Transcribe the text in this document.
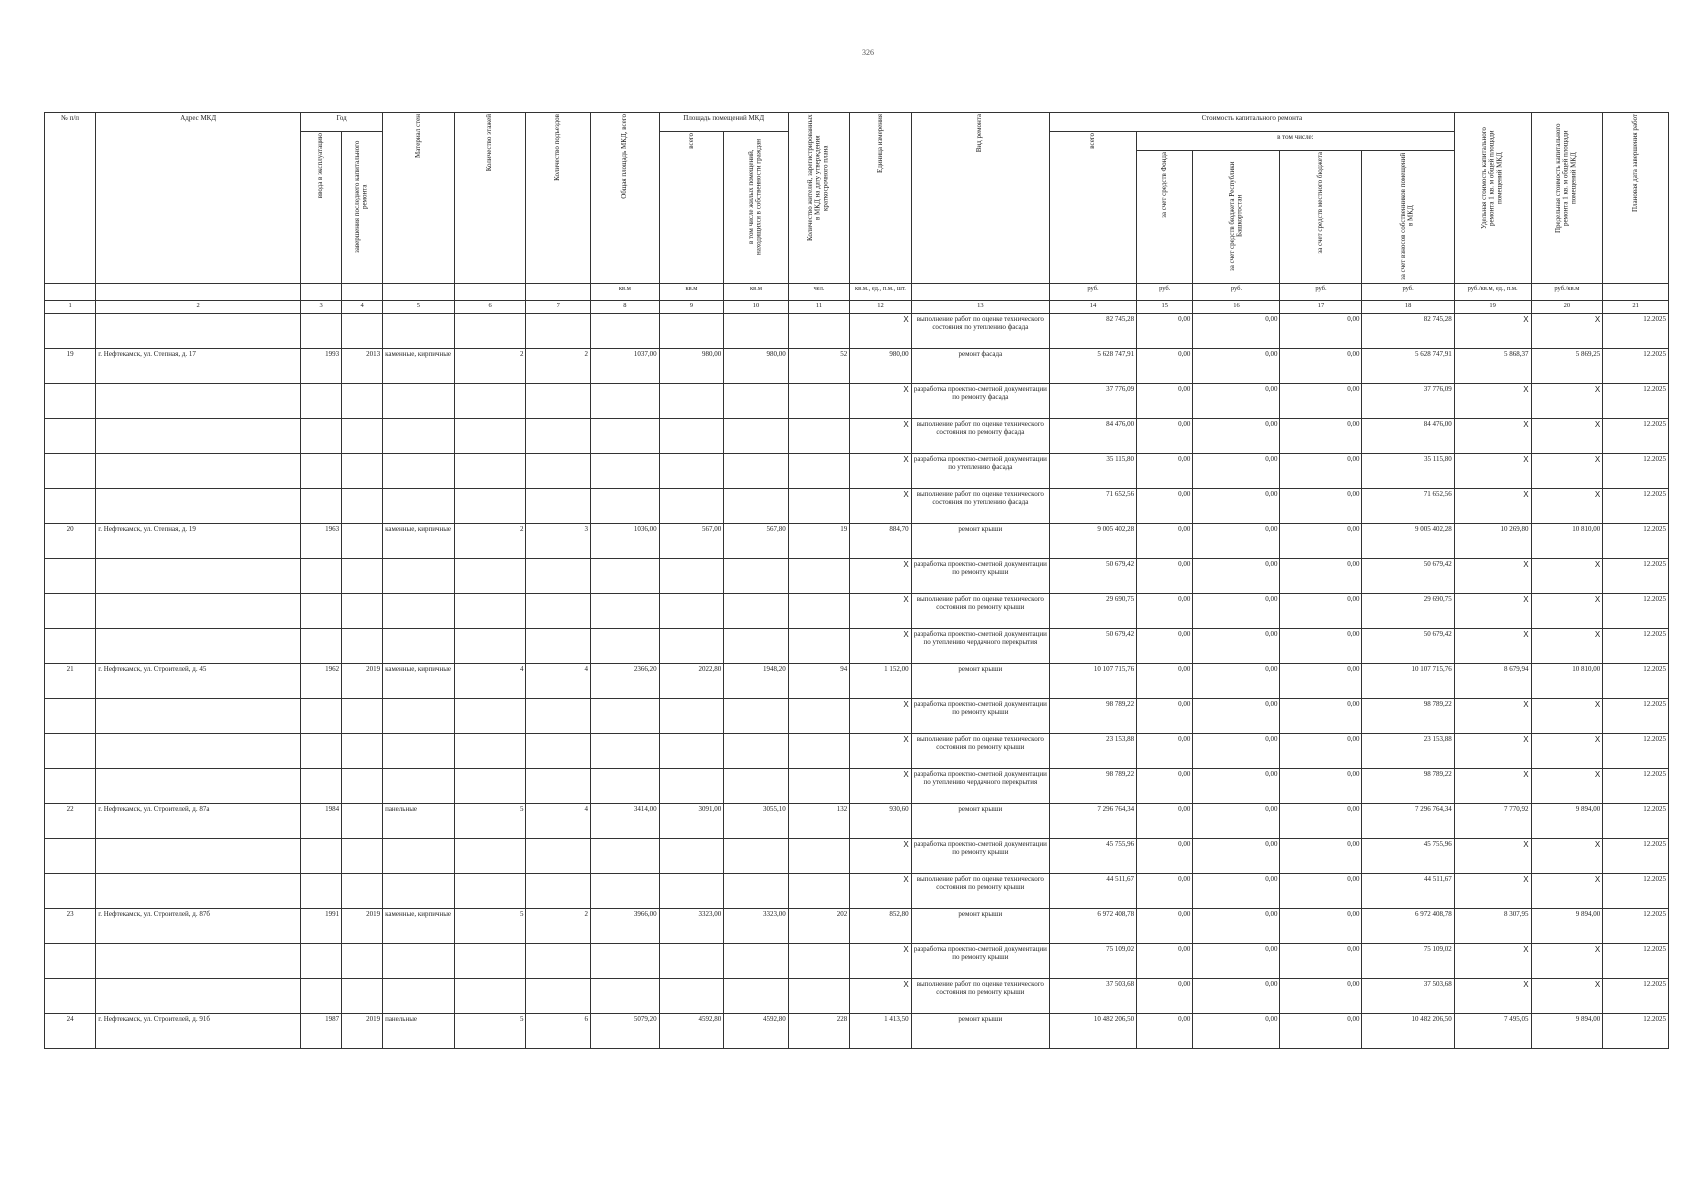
326
№ п/п	Адрес МКД	Год		Материал стен	Количество этажей	Количество подъездов	Общая площадь МКД, всего	Площадь помещений МКД		Количество жителей, зарегистрированных в МКД на дату утверждения краткосрочного плана	Единица измерения	Вид ремонта	Стоимость капитального ремонта					Удельная стоимость капитального ремонта 1 кв. м общей площади помещений МКД	Предельная стоимость капитального ремонта 1 кв. м общей площади помещений МКД	Плановая дата завершения работ
		ввода в эксплуатацию	завершения последнего капитального ремонта					всего	в том числе жилых помещений, находящихся в собственности граждан				всего	в том числе:						
														за счет средств Фонда	за счет средств бюджета Республики Башкортостан	за счет средств местного бюджета	за счет взносов собственников помещений в МКД			
							кв.м	кв.м	кв.м	чел.	кв.м., ед., п.м., шт.		руб.	руб.	руб.	руб.	руб.	руб./кв.м, ед., п.м.	руб./кв.м	
1	2	3	4	5	6	7	8	9	10	11	12	13	14	15	16	17	18	19	20	21
											X	выполнение работ по оценке технического состояния по утеплению фасада	82 745,28	0,00	0,00	0,00	82 745,28	X	X	12.2025
19	г. Нефтекамск, ул. Степная, д. 17	1993	2013	каменные, кирпичные	2	2	1037,00	980,00	980,00	52	980,00	ремонт фасада	5 628 747,91	0,00	0,00	0,00	5 628 747,91	5 868,37	5 869,25	12.2025
											X	разработка проектно-сметной документации по ремонту фасада	37 776,09	0,00	0,00	0,00	37 776,09	X	X	12.2025
											X	выполнение работ по оценке технического состояния по ремонту фасада	84 476,00	0,00	0,00	0,00	84 476,00	X	X	12.2025
											X	разработка проектно-сметной документации по утеплению фасада	35 115,80	0,00	0,00	0,00	35 115,80	X	X	12.2025
											X	выполнение работ по оценке технического состояния по утеплению фасада	71 652,56	0,00	0,00	0,00	71 652,56	X	X	12.2025
20	г. Нефтекамск, ул. Степная, д. 19	1963		каменные, кирпичные	2	3	1036,00	567,00	567,80	19	884,70	ремонт крыши	9 005 402,28	0,00	0,00	0,00	9 005 402,28	10 269,80	10 810,00	12.2025
											X	разработка проектно-сметной документации по ремонту крыши	50 679,42	0,00	0,00	0,00	50 679,42	X	X	12.2025
											X	выполнение работ по оценке технического состояния по ремонту крыши	29 690,75	0,00	0,00	0,00	29 690,75	X	X	12.2025
											X	разработка проектно-сметной документации по утеплению чердачного перекрытия	50 679,42	0,00	0,00	0,00	50 679,42	X	X	12.2025
21	г. Нефтекамск, ул. Строителей, д. 45	1962	2019	каменные, кирпичные	4	4	2366,20	2022,80	1948,20	94	1 152,00	ремонт крыши	10 107 715,76	0,00	0,00	0,00	10 107 715,76	8 679,94	10 810,00	12.2025
											X	разработка проектно-сметной документации по ремонту крыши	98 789,22	0,00	0,00	0,00	98 789,22	X	X	12.2025
											X	выполнение работ по оценке технического состояния по ремонту крыши	23 153,88	0,00	0,00	0,00	23 153,88	X	X	12.2025
											X	разработка проектно-сметной документации по утеплению чердачного перекрытия	98 789,22	0,00	0,00	0,00	98 789,22	X	X	12.2025
22	г. Нефтекамск, ул. Строителей, д. 87а	1984		панельные	5	4	3414,00	3091,00	3055,10	132	930,60	ремонт крыши	7 296 764,34	0,00	0,00	0,00	7 296 764,34	7 770,92	9 894,00	12.2025
											X	разработка проектно-сметной документации по ремонту крыши	45 755,96	0,00	0,00	0,00	45 755,96	X	X	12.2025
											X	выполнение работ по оценке технического состояния по ремонту крыши	44 511,67	0,00	0,00	0,00	44 511,67	X	X	12.2025
23	г. Нефтекамск, ул. Строителей, д. 87б	1991	2019	каменные, кирпичные	5	2	3966,00	3323,00	3323,00	202	852,80	ремонт крыши	6 972 408,78	0,00	0,00	0,00	6 972 408,78	8 307,95	9 894,00	12.2025
											X	разработка проектно-сметной документации по ремонту крыши	75 109,02	0,00	0,00	0,00	75 109,02	X	X	12.2025
											X	выполнение работ по оценке технического состояния по ремонту крыши	37 503,68	0,00	0,00	0,00	37 503,68	X	X	12.2025
24	г. Нефтекамск, ул. Строителей, д. 91б	1987	2019	панельные	5	6	5079,20	4592,80	4592,80	228	1 413,50	ремонт крыши	10 482 206,50	0,00	0,00	0,00	10 482 206,50	7 495,05	9 894,00	12.2025
